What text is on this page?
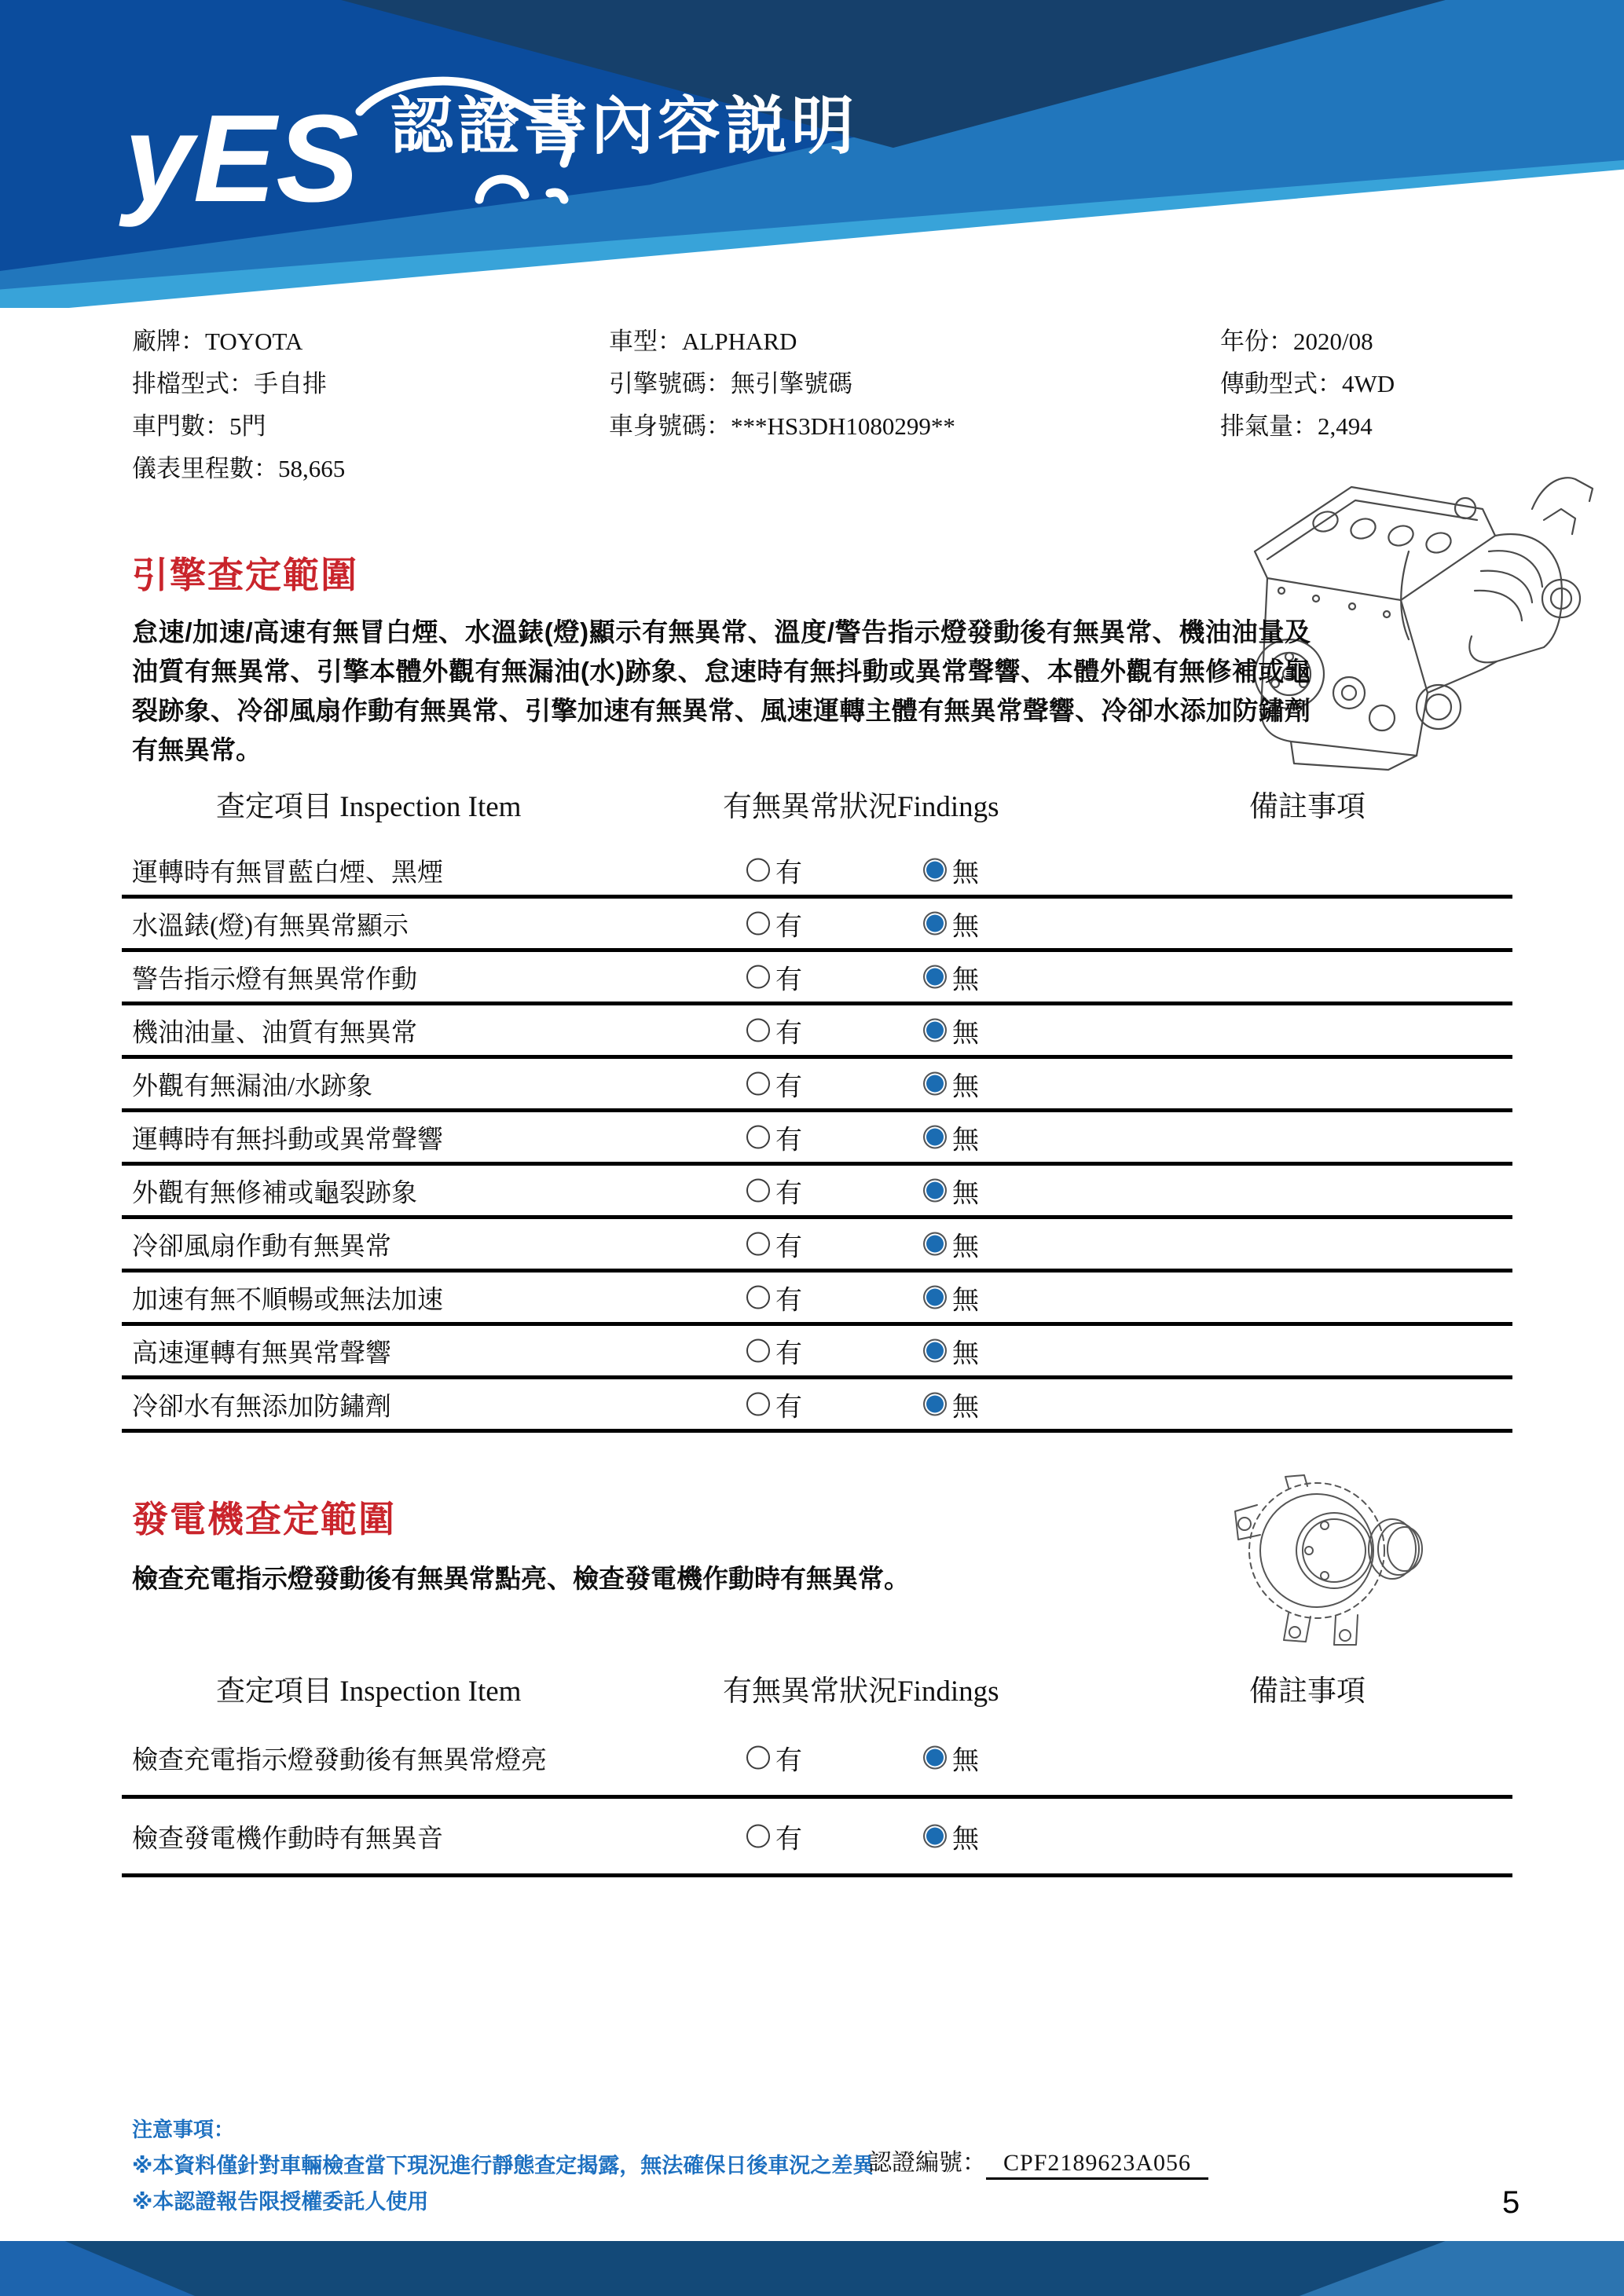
yES 認證書內容説明
廠牌：TOYOTA
排檔型式：手自排
車門數：5門
儀表里程數：58,665
車型：ALPHARD
引擎號碼：無引擎號碼
車身號碼：***HS3DH1080299**
年份：2020/08
傳動型式：4WD
排氣量：2,494
引擎查定範圍
怠速/加速/高速有無冒白煙、水溫錶(燈)顯示有無異常、溫度/警告指示燈發動後有無異常、機油油量及油質有無異常、引擎本體外觀有無漏油(水)跡象、怠速時有無抖動或異常聲響、本體外觀有無修補或龜裂跡象、冷卻風扇作動有無異常、引擎加速有無異常、風速運轉主體有無異常聲響、冷卻水添加防鏽劑有無異常。
查定項目 Inspection Item	有無異常狀況Findings	備註事項
運轉時有無冒藍白煙、黑煙	有	無
水溫錶(燈)有無異常顯示	有	無
警告指示燈有無異常作動	有	無
機油油量、油質有無異常	有	無
外觀有無漏油/水跡象	有	無
運轉時有無抖動或異常聲響	有	無
外觀有無修補或龜裂跡象	有	無
冷卻風扇作動有無異常	有	無
加速有無不順暢或無法加速	有	無
高速運轉有無異常聲響	有	無
冷卻水有無添加防鏽劑	有	無
發電機查定範圍
檢查充電指示燈發動後有無異常點亮、檢查發電機作動時有無異常。
查定項目 Inspection Item	有無異常狀況Findings	備註事項
檢查充電指示燈發動後有無異常燈亮	有	無
檢查發電機作動時有無異音	有	無
注意事項：
※本資料僅針對車輛檢查當下現況進行靜態查定揭露，無法確保日後車況之差異
※本認證報告限授權委託人使用
認證編號： CPF2189623A056
5
